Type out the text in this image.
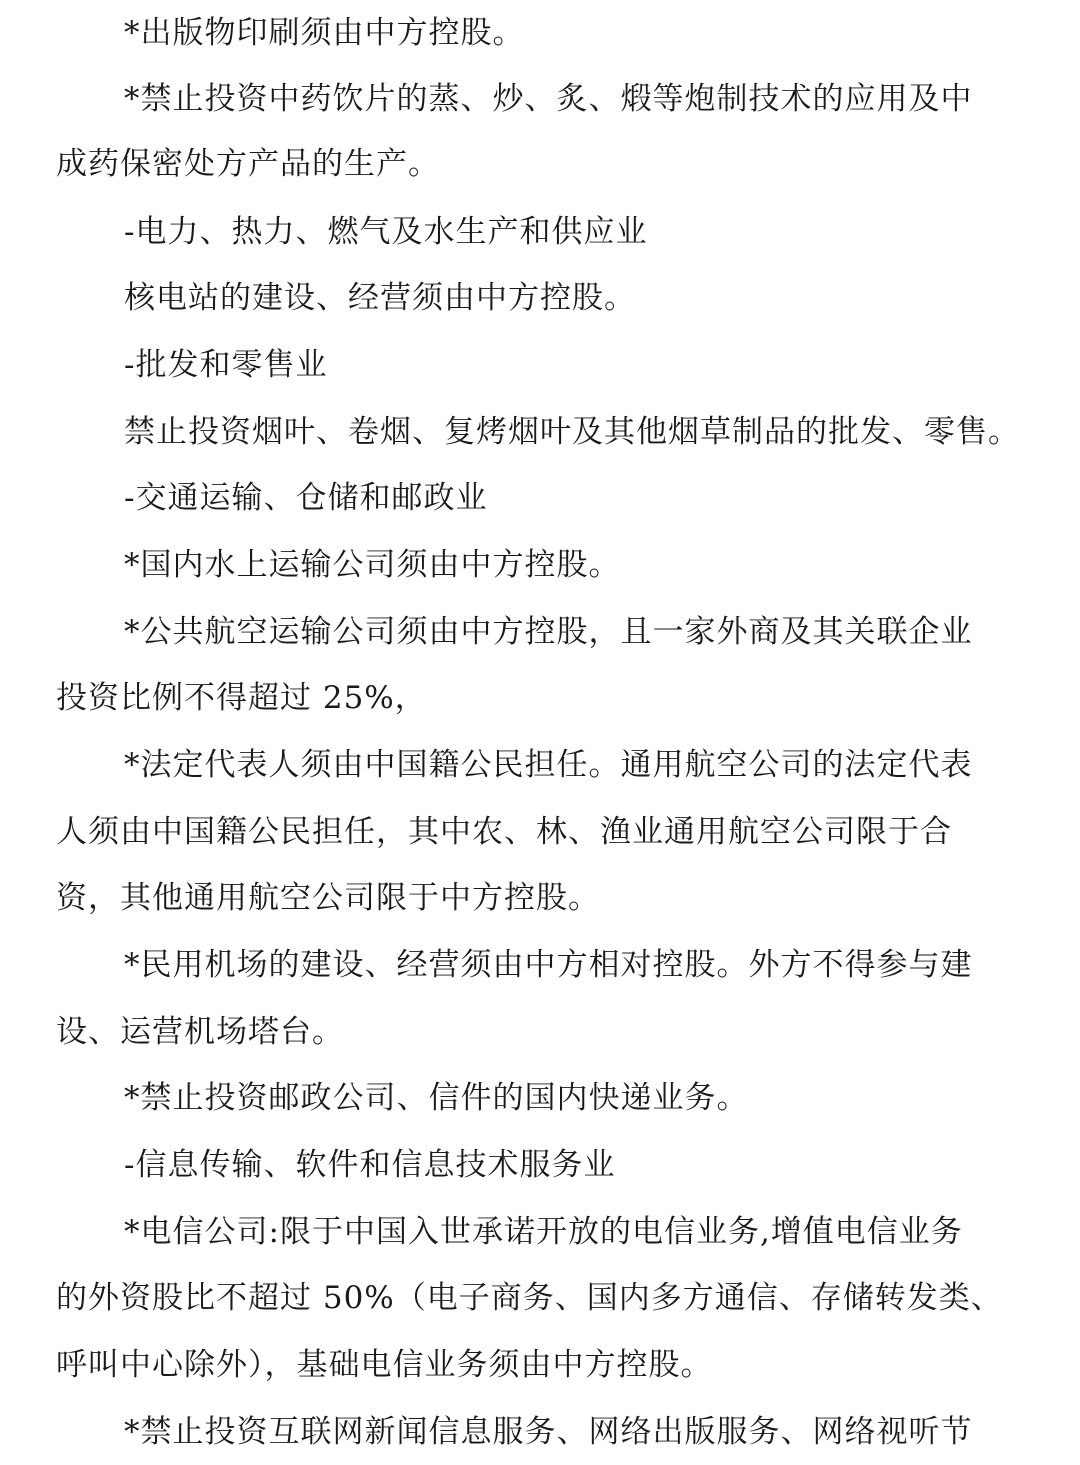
*出版物印刷须由中方控股。
*禁止投资中药饮片的蒸、炒、炙、煅等炮制技术的应用及中
成药保密处方产品的生产。
-电力、热力、燃气及水生产和供应业
核电站的建设、经营须由中方控股。
-批发和零售业
禁止投资烟叶、卷烟、复烤烟叶及其他烟草制品的批发、零售。
-交通运输、仓储和邮政业
*国内水上运输公司须由中方控股。
*公共航空运输公司须由中方控股，且一家外商及其关联企业
投资比例不得超过 25%，
*法定代表人须由中国籍公民担任。通用航空公司的法定代表
人须由中国籍公民担任，其中农、林、渔业通用航空公司限于合
资，其他通用航空公司限于中方控股。
*民用机场的建设、经营须由中方相对控股。外方不得参与建
设、运营机场塔台。
*禁止投资邮政公司、信件的国内快递业务。
-信息传输、软件和信息技术服务业
*电信公司:限于中国入世承诺开放的电信业务,增值电信业务
的外资股比不超过 50%（电子商务、国内多方通信、存储转发类、
呼叫中心除外），基础电信业务须由中方控股。
*禁止投资互联网新闻信息服务、网络出版服务、网络视听节
